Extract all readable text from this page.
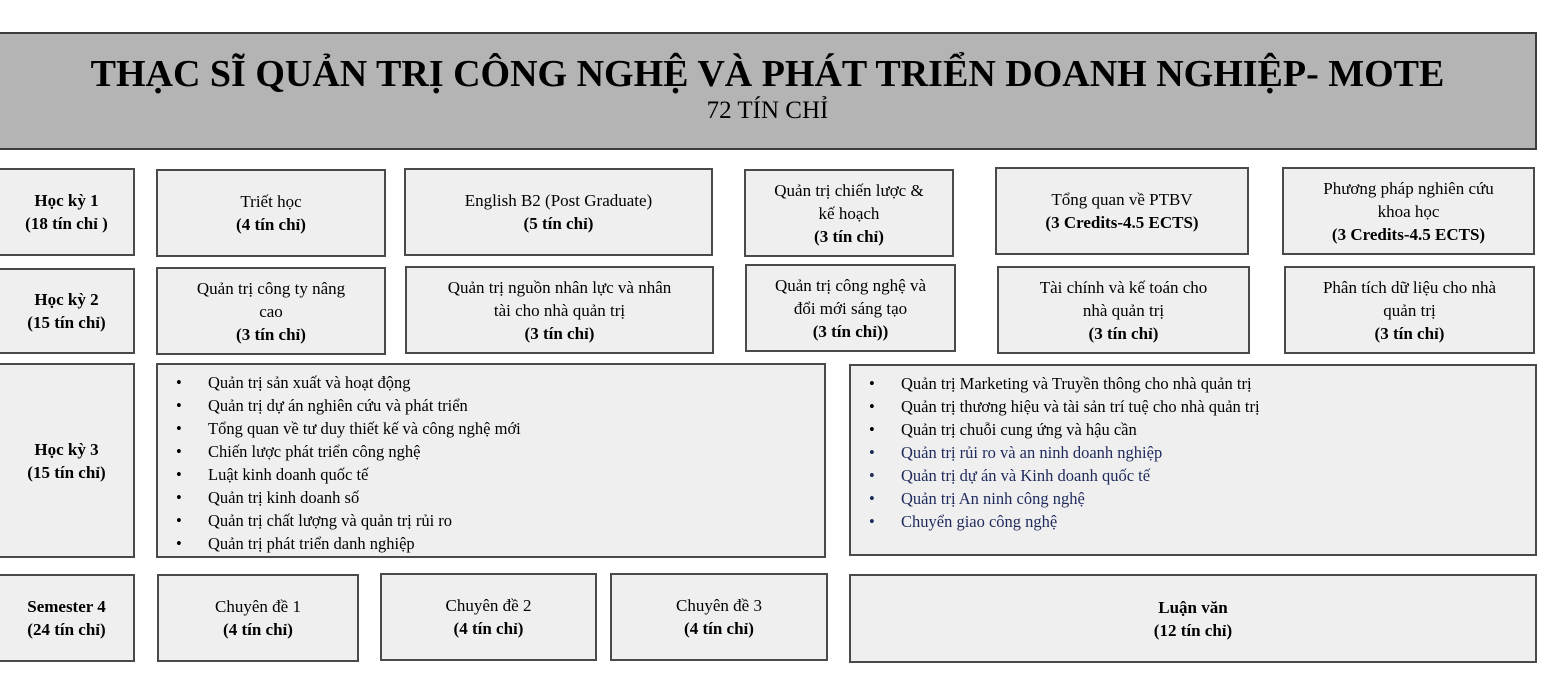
THẠC SĨ QUẢN TRỊ CÔNG NGHỆ VÀ PHÁT TRIỂN DOANH NGHIỆP- MOTE
72 TÍN CHỈ
Học kỳ 1
(18 tín chỉ )
Học kỳ 2
(15 tín chỉ)
Học kỳ 3
(15 tín chỉ)
Semester 4
(24 tín chỉ)
Triết học
(4 tín chỉ)
English B2 (Post Graduate)
(5 tín chỉ)
Quản trị chiến lược &
kế hoạch
(3 tín chỉ)
Tổng quan về PTBV
(3 Credits-4.5 ECTS)
Phương pháp nghiên cứu
khoa học
(3 Credits-4.5 ECTS)
Quản trị công ty nâng
cao
(3 tín chỉ)
Quản trị nguồn nhân lực và nhân
tài cho nhà quản trị
(3 tín chỉ)
Quản trị công nghệ và
đổi mới sáng tạo
(3 tín chỉ))
Tài chính và kế toán cho
nhà quản trị
(3 tín chỉ)
Phân tích dữ liệu cho nhà
quản trị
(3 tín chỉ)
• Quản trị sản xuất và hoạt động
• Quản trị dự án nghiên cứu và phát triển
• Tổng quan về tư duy thiết kế và công nghệ mới
• Chiến lược phát triển công nghệ
• Luật kinh doanh quốc tế
• Quản trị kinh doanh số
• Quản trị chất lượng và quản trị rủi ro
• Quản trị phát triển danh nghiệp
• Quản trị Marketing và Truyền thông cho nhà quản trị
• Quản trị thương hiệu và tài sản trí tuệ cho nhà quản trị
• Quản trị chuỗi cung ứng và hậu cần
• Quản trị rủi ro và an ninh doanh nghiệp
• Quản trị dự án và Kinh doanh quốc tế
• Quản trị An ninh công nghệ
• Chuyển giao công nghệ
Chuyên đề 1
(4 tín chỉ)
Chuyên đề 2
(4 tín chỉ)
Chuyên đề 3
(4 tín chỉ)
Luận văn
(12 tín chỉ)
